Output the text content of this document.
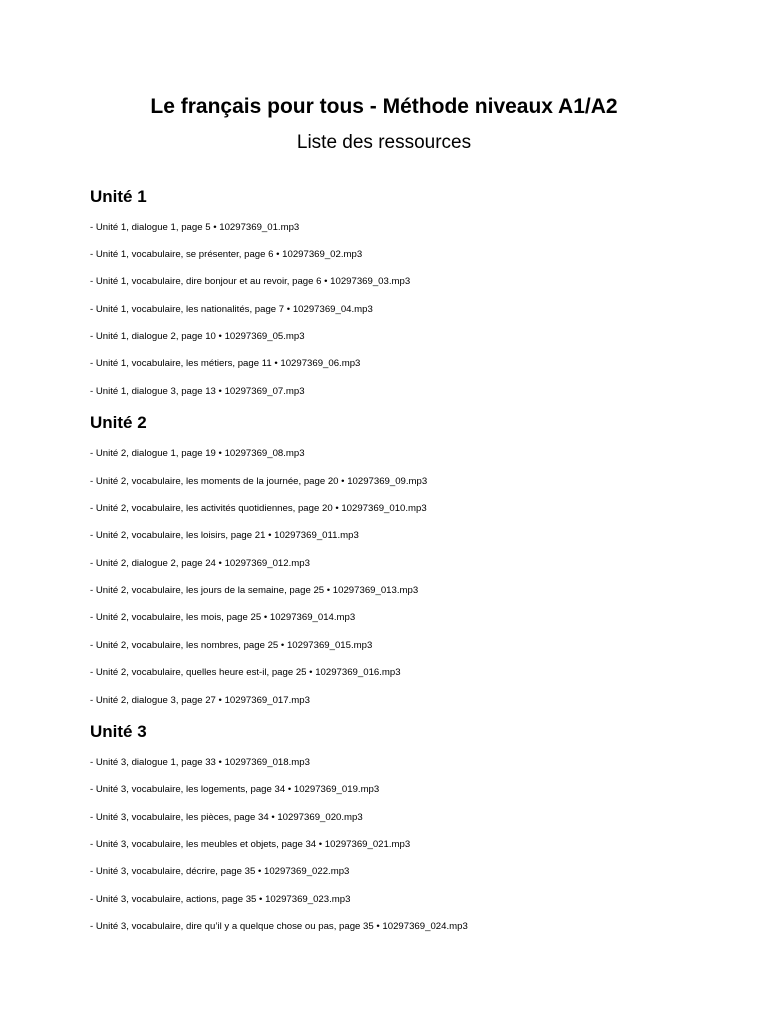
Le français pour tous - Méthode niveaux A1/A2
Liste des ressources
Unité 1
- Unité 1, dialogue 1, page 5 • 10297369_01.mp3
- Unité 1, vocabulaire, se présenter, page 6 • 10297369_02.mp3
- Unité 1, vocabulaire, dire bonjour et au revoir, page 6 • 10297369_03.mp3
- Unité 1, vocabulaire, les nationalités, page 7 • 10297369_04.mp3
- Unité 1, dialogue 2, page 10 • 10297369_05.mp3
- Unité 1, vocabulaire, les métiers, page 11 • 10297369_06.mp3
- Unité 1, dialogue 3, page 13 • 10297369_07.mp3
Unité 2
- Unité 2, dialogue 1, page 19 • 10297369_08.mp3
- Unité 2, vocabulaire, les moments de la journée, page 20 • 10297369_09.mp3
- Unité 2, vocabulaire, les activités quotidiennes, page 20 • 10297369_010.mp3
- Unité 2, vocabulaire, les loisirs, page 21 • 10297369_011.mp3
- Unité 2, dialogue 2, page 24 • 10297369_012.mp3
- Unité 2, vocabulaire, les jours de la semaine, page 25 • 10297369_013.mp3
- Unité 2, vocabulaire, les mois, page 25 • 10297369_014.mp3
- Unité 2, vocabulaire, les nombres, page 25 • 10297369_015.mp3
- Unité 2, vocabulaire, quelles heure est-il, page 25 • 10297369_016.mp3
- Unité 2, dialogue 3, page 27 • 10297369_017.mp3
Unité 3
- Unité 3, dialogue 1, page 33 • 10297369_018.mp3
- Unité 3, vocabulaire, les logements, page 34 • 10297369_019.mp3
- Unité 3, vocabulaire, les pièces, page 34 • 10297369_020.mp3
- Unité 3, vocabulaire, les meubles et objets, page 34 • 10297369_021.mp3
- Unité 3, vocabulaire, décrire, page 35 • 10297369_022.mp3
- Unité 3, vocabulaire, actions, page 35 • 10297369_023.mp3
- Unité 3, vocabulaire, dire qu’il y a quelque chose ou pas, page 35 • 10297369_024.mp3
